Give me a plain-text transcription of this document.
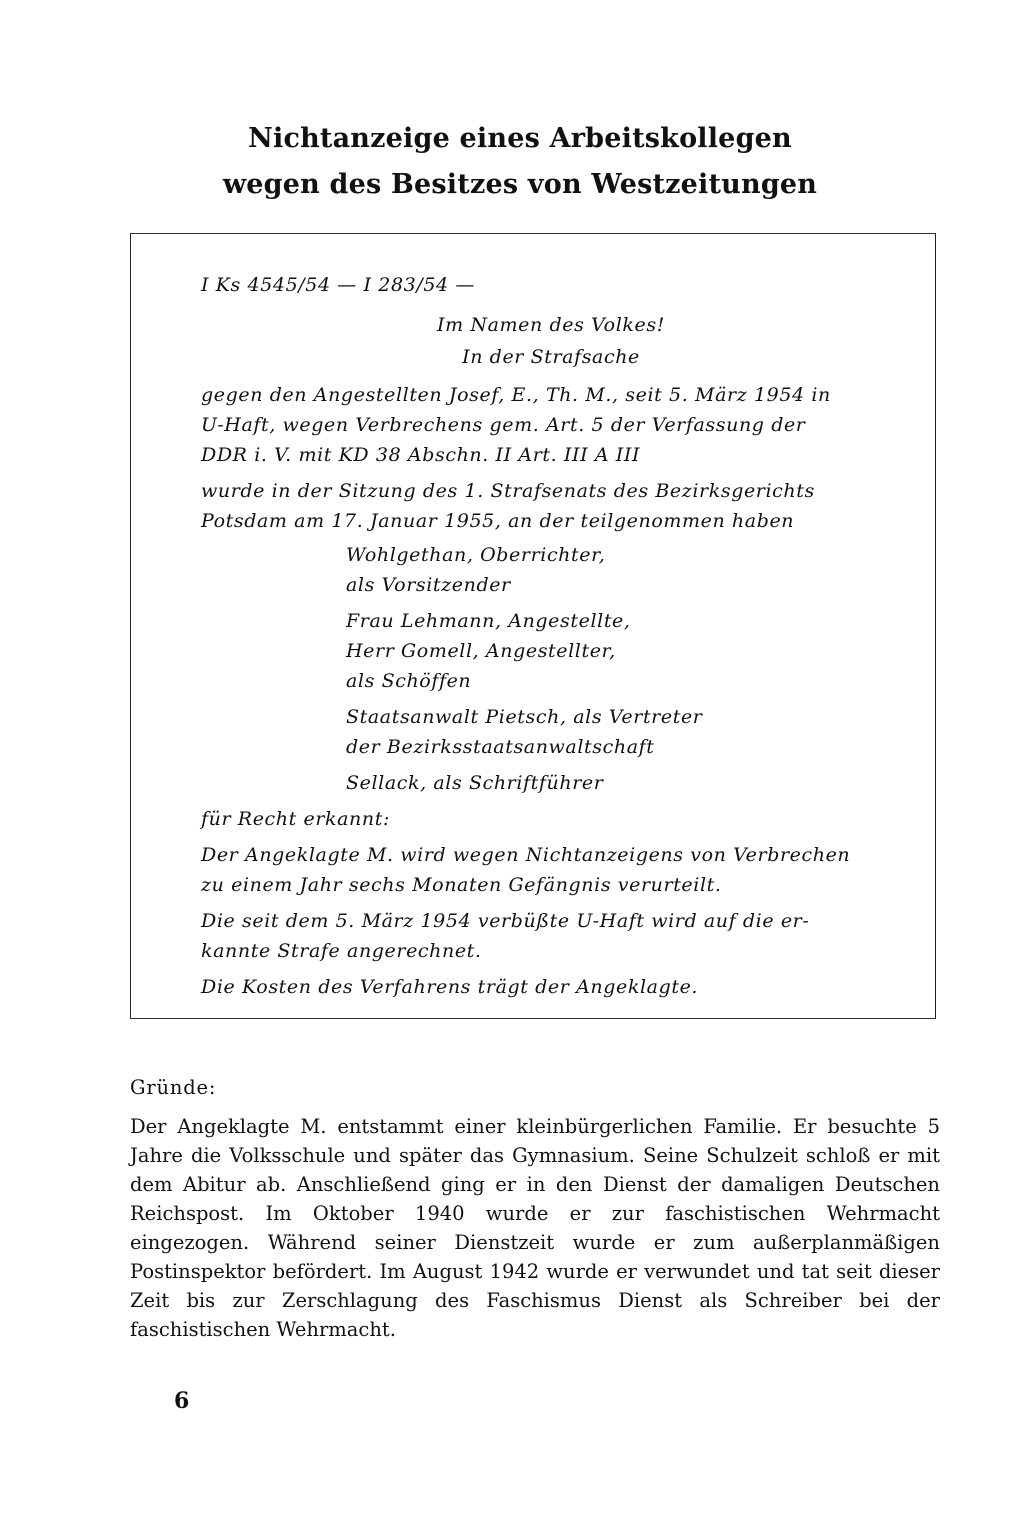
Nichtanzeige eines Arbeitskollegen
wegen des Besitzes von Westzeitungen

I Ks 4545/54 — I 283/54 —

Im Namen des Volkes!

In der Strafsache

gegen den Angestellten Josef, E., Th. M., seit 5. März 1954 in

U-Haft, wegen Verbrechens gem. Art. 5 der Verfassung der

DDR i. V. mit KD 38 Abschn. II Art. III A III

wurde in der Sitzung des 1. Strafsenats des Bezirksgerichts

Potsdam am 17. Januar 1955, an der teilgenommen haben

Wohlgethan, Oberrichter,

als Vorsitzender

Frau Lehmann, Angestellte,

Herr Gomell, Angestellter,

als Schöffen

Staatsanwalt Pietsch, als Vertreter

der Bezirksstaatsanwaltschaft

Sellack, als Schriftführer

für Recht erkannt:

Der Angeklagte M. wird wegen Nichtanzeigens von Verbrechen

zu einem Jahr sechs Monaten Gefängnis verurteilt.

Die seit dem 5. März 1954 verbüßte U-Haft wird auf die er-

kannte Strafe angerechnet.

Die Kosten des Verfahrens trägt der Angeklagte.

Gründe:

Der Angeklagte M. entstammt einer kleinbürgerlichen Familie. Er besuchte 5 Jahre die Volksschule und später das Gymnasium. Seine Schulzeit schloß er mit dem Abitur ab. Anschließend ging er in den Dienst der damaligen Deutschen Reichspost. Im Oktober 1940 wurde er zur faschistischen Wehrmacht eingezogen. Während seiner Dienstzeit wurde er zum außerplanmäßigen Postinspektor befördert. Im August 1942 wurde er verwundet und tat seit dieser Zeit bis zur Zerschlagung des Faschismus Dienst als Schreiber bei der faschistischen Wehrmacht.

6
